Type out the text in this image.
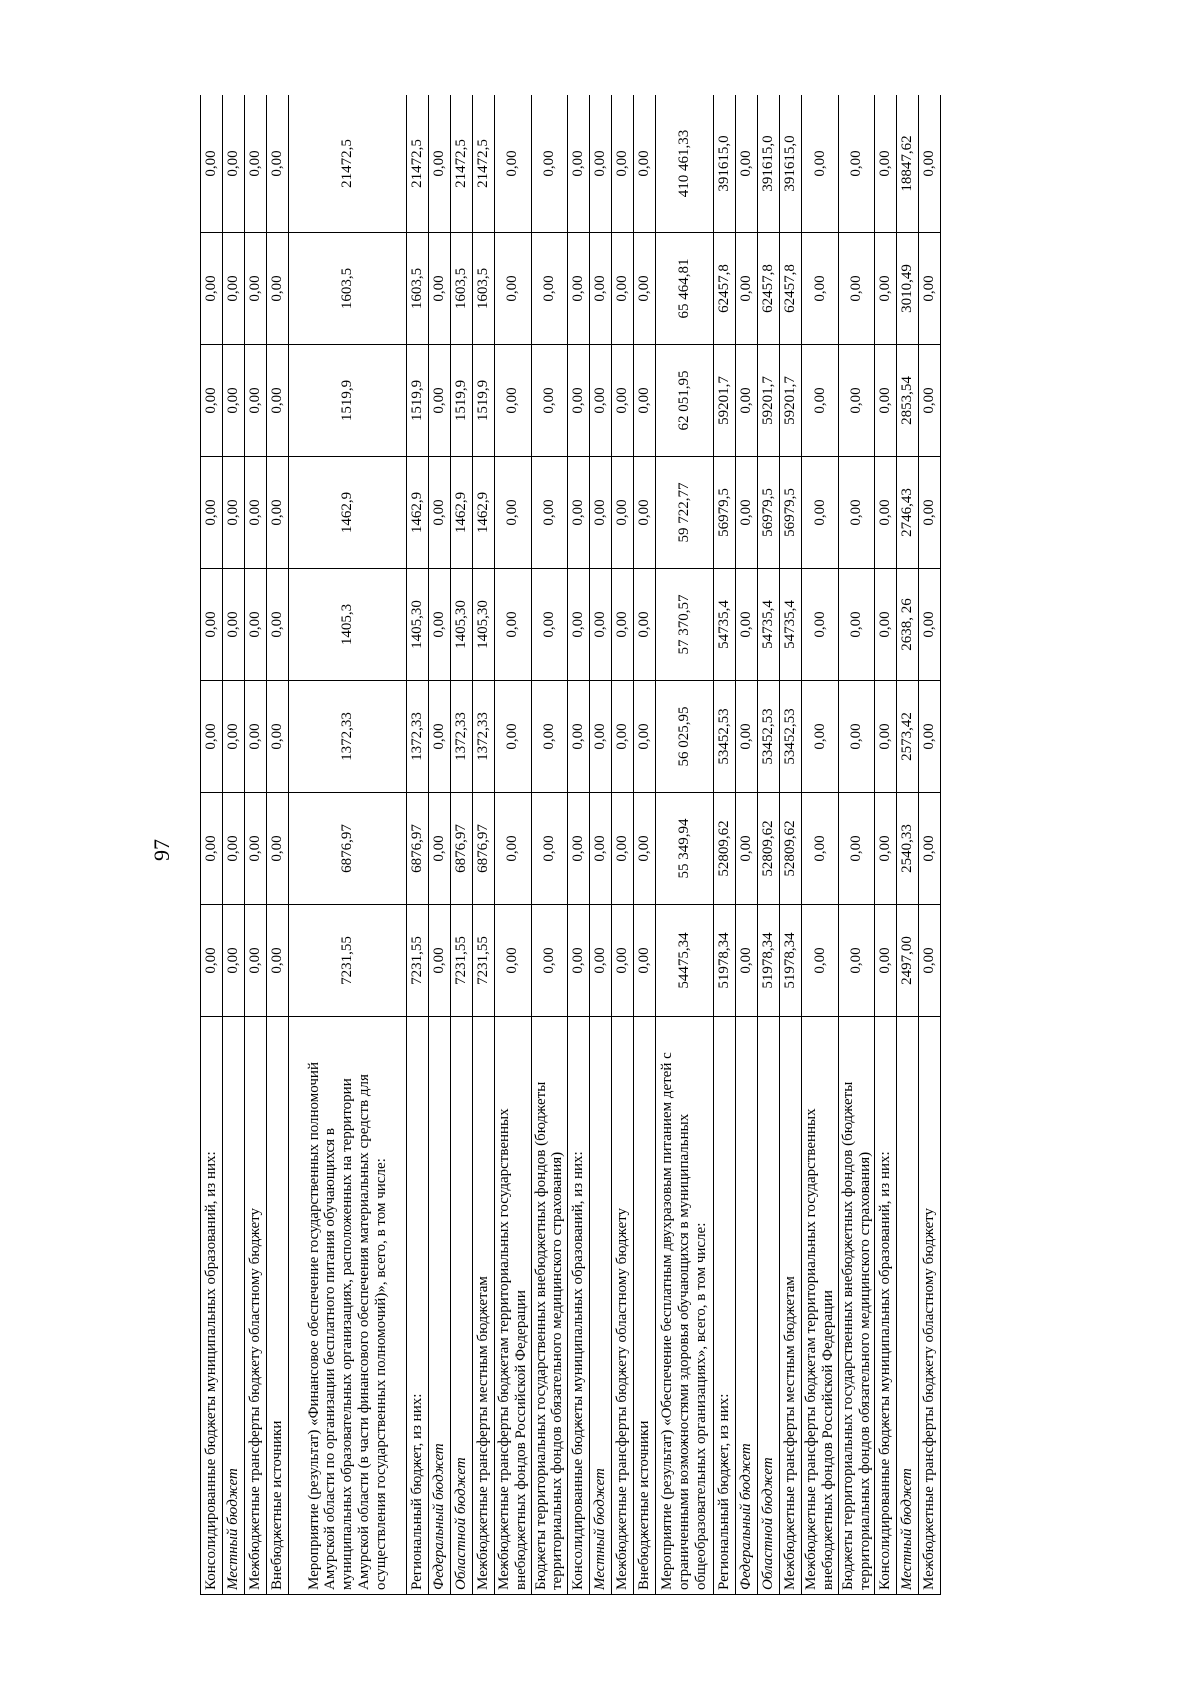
97
Консолидированные бюджеты муниципальных образований, из них:	0,00	0,00	0,00	0,00	0,00	0,00	0,00	0,00
Местный бюджет	0,00	0,00	0,00	0,00	0,00	0,00	0,00	0,00
Межбюджетные трансферты бюджету областному бюджету	0,00	0,00	0,00	0,00	0,00	0,00	0,00	0,00
Внебюджетные источники	0,00	0,00	0,00	0,00	0,00	0,00	0,00	0,00
Мероприятие (результат) «Финансовое обеспечение государственных полномочий Амурской области по организации бесплатного питания обучающихся в муниципальных образовательных организациях, расположенных на территории Амурской области (в части финансового обеспечения материальных средств для осуществления государственных полномочий)», всего, в том числе:	7231,55	6876,97	1372,33	1405,3	1462,9	1519,9	1603,5	21472,5
Региональный бюджет, из них:	7231,55	6876,97	1372,33	1405,30	1462,9	1519,9	1603,5	21472,5
Федеральный бюджет	0,00	0,00	0,00	0,00	0,00	0,00	0,00	0,00
Областной бюджет	7231,55	6876,97	1372,33	1405,30	1462,9	1519,9	1603,5	21472,5
Межбюджетные трансферты местным бюджетам	7231,55	6876,97	1372,33	1405,30	1462,9	1519,9	1603,5	21472,5
Межбюджетные трансферты бюджетам территориальных государственных внебюджетных фондов Российской Федерации	0,00	0,00	0,00	0,00	0,00	0,00	0,00	0,00
Бюджеты территориальных государственных внебюджетных фондов (бюджеты территориальных фондов обязательного медицинского страхования)	0,00	0,00	0,00	0,00	0,00	0,00	0,00	0,00
Консолидированные бюджеты муниципальных образований, из них:	0,00	0,00	0,00	0,00	0,00	0,00	0,00	0,00
Местный бюджет	0,00	0,00	0,00	0,00	0,00	0,00	0,00	0,00
Межбюджетные трансферты бюджету областному бюджету	0,00	0,00	0,00	0,00	0,00	0,00	0,00	0,00
Внебюджетные источники	0,00	0,00	0,00	0,00	0,00	0,00	0,00	0,00
Мероприятие (результат) «Обеспечение бесплатным двухразовым питанием детей с ограниченными возможностями здоровья обучающихся в муниципальных общеобразовательных организациях», всего, в том числе:	54475,34	55 349,94	56 025,95	57 370,57	59 722,77	62 051,95	65 464,81	410 461,33
Региональный бюджет, из них:	51978,34	52809,62	53452,53	54735,4	56979,5	59201,7	62457,8	391615,0
Федеральный бюджет	0,00	0,00	0,00	0,00	0,00	0,00	0,00	0,00
Областной бюджет	51978,34	52809,62	53452,53	54735,4	56979,5	59201,7	62457,8	391615,0
Межбюджетные трансферты местным бюджетам	51978,34	52809,62	53452,53	54735,4	56979,5	59201,7	62457,8	391615,0
Межбюджетные трансферты бюджетам территориальных государственных внебюджетных фондов Российской Федерации	0,00	0,00	0,00	0,00	0,00	0,00	0,00	0,00
Бюджеты территориальных государственных внебюджетных фондов (бюджеты территориальных фондов обязательного медицинского страхования)	0,00	0,00	0,00	0,00	0,00	0,00	0,00	0,00
Консолидированные бюджеты муниципальных образований, из них:	0,00	0,00	0,00	0,00	0,00	0,00	0,00	0,00
Местный бюджет	2497,00	2540,33	2573,42	2638, 26	2746,43	2853,54	3010,49	18847,62
Межбюджетные трансферты бюджету областному бюджету	0,00	0,00	0,00	0,00	0,00	0,00	0,00	0,00
